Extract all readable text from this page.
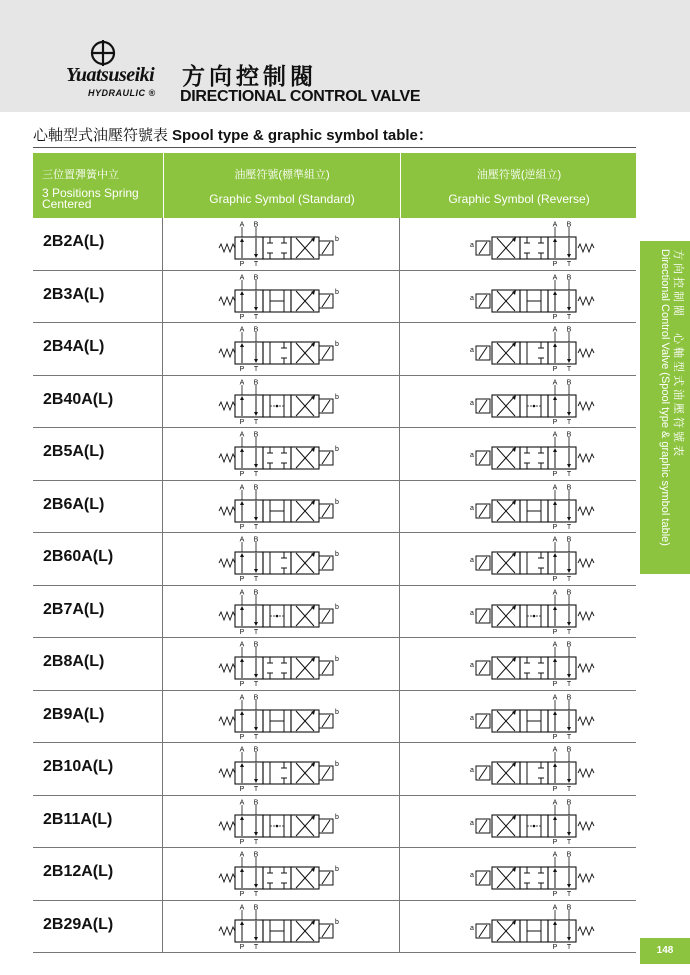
Yuatsuseiki
HYDRAULIC ®
方向控制閥
DIRECTIONAL CONTROL VALVE
心軸型式油壓符號表 Spool type & graphic symbol table：
三位置彈簧中立
3 Positions Spring Centered
油壓符號(標準組立)
Graphic Symbol (Standard)
油壓符號(逆組立)
Graphic Symbol (Reverse)
2B2A(L)
A B
P T
b
A B
P T
a
2B3A(L)
A B
P T
b
A B
P T
a
2B4A(L)
A B
P T
b
A B
P T
a
2B40A(L)
A B
P T
b
A B
P T
a
2B5A(L)
A B
P T
b
A B
P T
a
2B6A(L)
A B
P T
b
A B
P T
a
2B60A(L)
A B
P T
b
A B
P T
a
2B7A(L)
A B
P T
b
A B
P T
a
2B8A(L)
A B
P T
b
A B
P T
a
2B9A(L)
A B
P T
b
A B
P T
a
2B10A(L)
A B
P T
b
A B
P T
a
2B11A(L)
A B
P T
b
A B
P T
a
2B12A(L)
A B
P T
b
A B
P T
a
2B29A(L)
A B
P T
b
A B
P T
a
方向控制閥　心軸型式油壓符號表
Directional Control Valve (Spool type & graphic symbol table)
148
